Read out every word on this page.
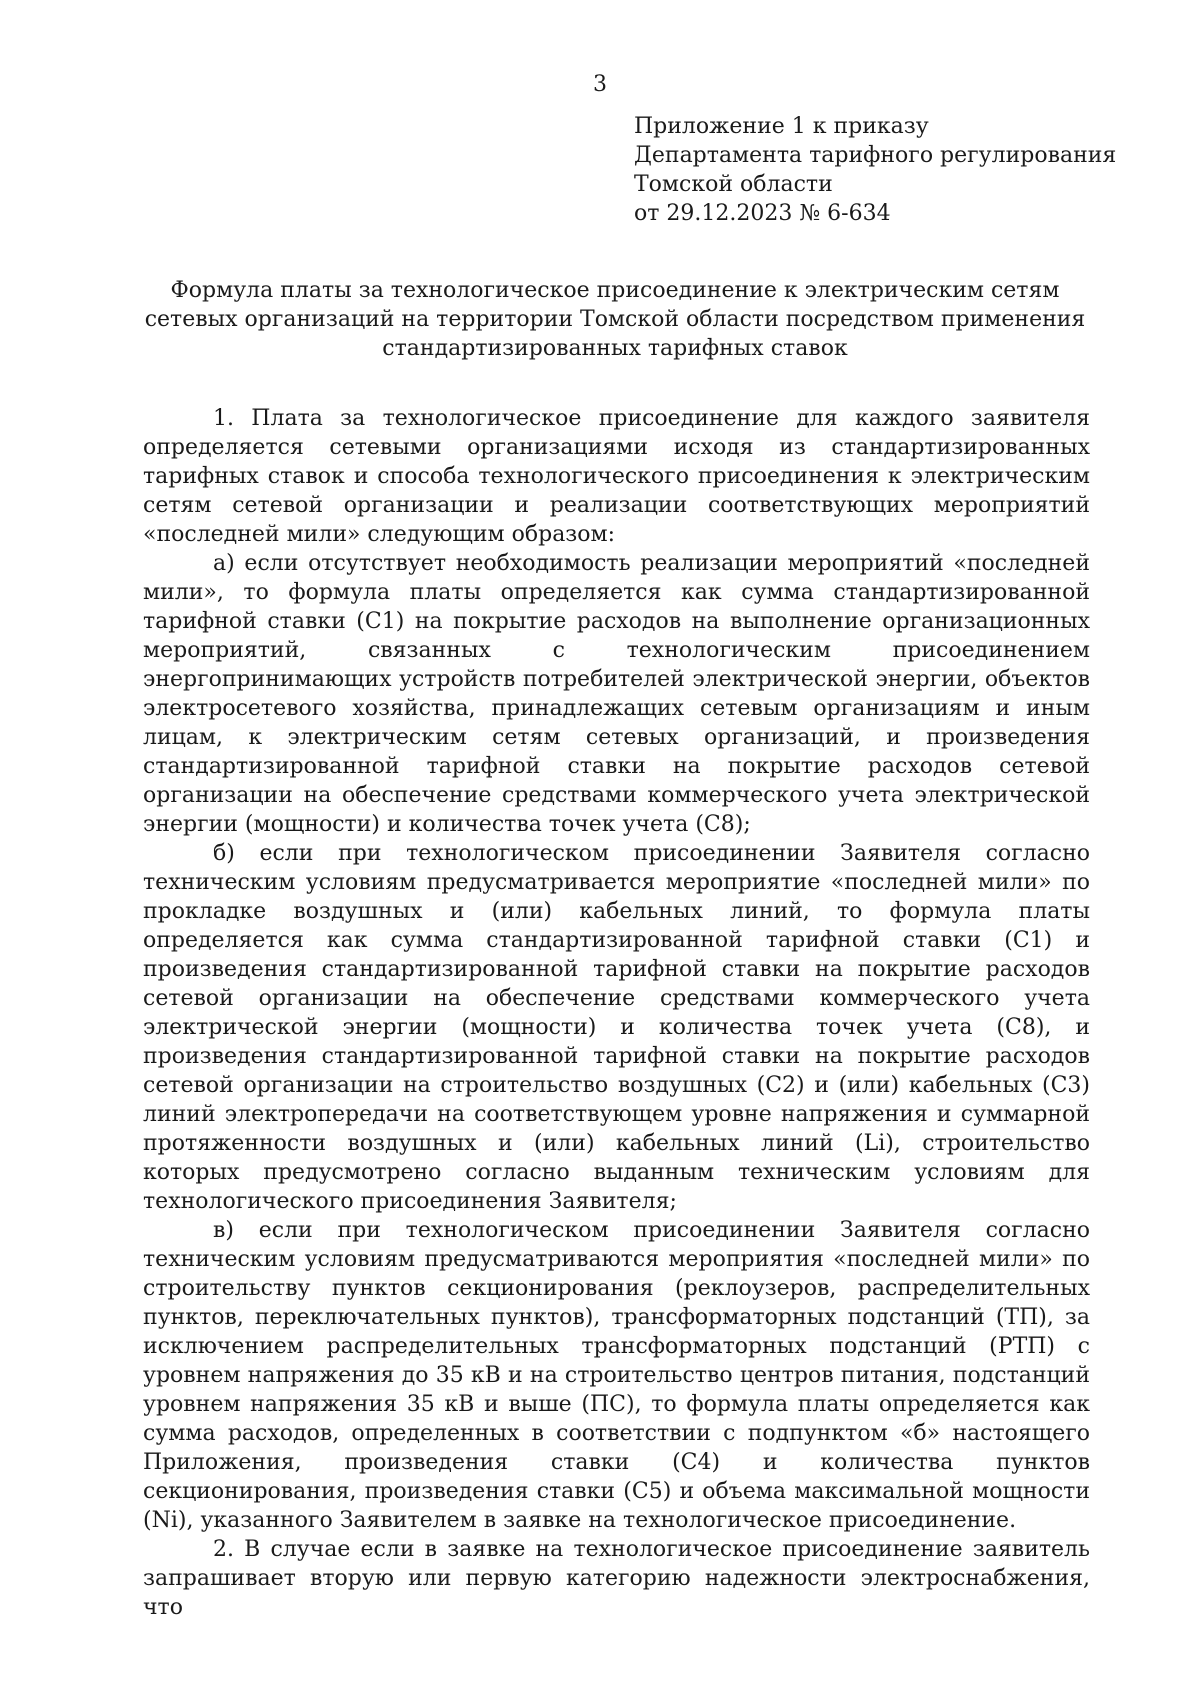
3
Приложение 1 к приказу
Департамента тарифного регулирования
Томской области
от 29.12.2023 № 6-634
Формула платы за технологическое присоединение к электрическим сетям сетевых организаций на территории Томской области посредством применения стандартизированных тарифных ставок

1. Плата за технологическое присоединение для каждого заявителя определяется сетевыми организациями исходя из стандартизированных тарифных ставок и способа технологического присоединения к электрическим сетям сетевой организации и реализации соответствующих мероприятий «последней мили» следующим образом:

а) если отсутствует необходимость реализации мероприятий «последней мили», то формула платы определяется как сумма стандартизированной тарифной ставки (С1) на покрытие расходов на выполнение организационных мероприятий, связанных с технологическим присоединением энергопринимающих устройств потребителей электрической энергии, объектов электросетевого хозяйства, принадлежащих сетевым организациям и иным лицам, к электрическим сетям сетевых организаций, и произведения стандартизированной тарифной ставки на покрытие расходов сетевой организации на обеспечение средствами коммерческого учета электрической энергии (мощности) и количества точек учета (С8);

б) если при технологическом присоединении Заявителя согласно техническим условиям предусматривается мероприятие «последней мили» по прокладке воздушных и (или) кабельных линий, то формула платы определяется как сумма стандартизированной тарифной ставки (С1) и произведения стандартизированной тарифной ставки на покрытие расходов сетевой организации на обеспечение средствами коммерческого учета электрической энергии (мощности) и количества точек учета (С8), и произведения стандартизированной тарифной ставки на покрытие расходов сетевой организации на строительство воздушных (С2) и (или) кабельных (С3) линий электропередачи на соответствующем уровне напряжения и суммарной протяженности воздушных и (или) кабельных линий (Li), строительство которых предусмотрено согласно выданным техническим условиям для технологического присоединения Заявителя;

в) если при технологическом присоединении Заявителя согласно техническим условиям предусматриваются мероприятия «последней мили» по строительству пунктов секционирования (реклоузеров, распределительных пунктов, переключательных пунктов), трансформаторных подстанций (ТП), за исключением распределительных трансформаторных подстанций (РТП) с уровнем напряжения до 35 кВ и на строительство центров питания, подстанций уровнем напряжения 35 кВ и выше (ПС), то формула платы определяется как сумма расходов, определенных в соответствии с подпунктом «б» настоящего Приложения, произведения ставки (С4) и количества пунктов секционирования, произведения ставки (С5) и объема максимальной мощности (Ni), указанного Заявителем в заявке на технологическое присоединение.

2. В случае если в заявке на технологическое присоединение заявитель запрашивает вторую или первую категорию надежности электроснабжения, что
